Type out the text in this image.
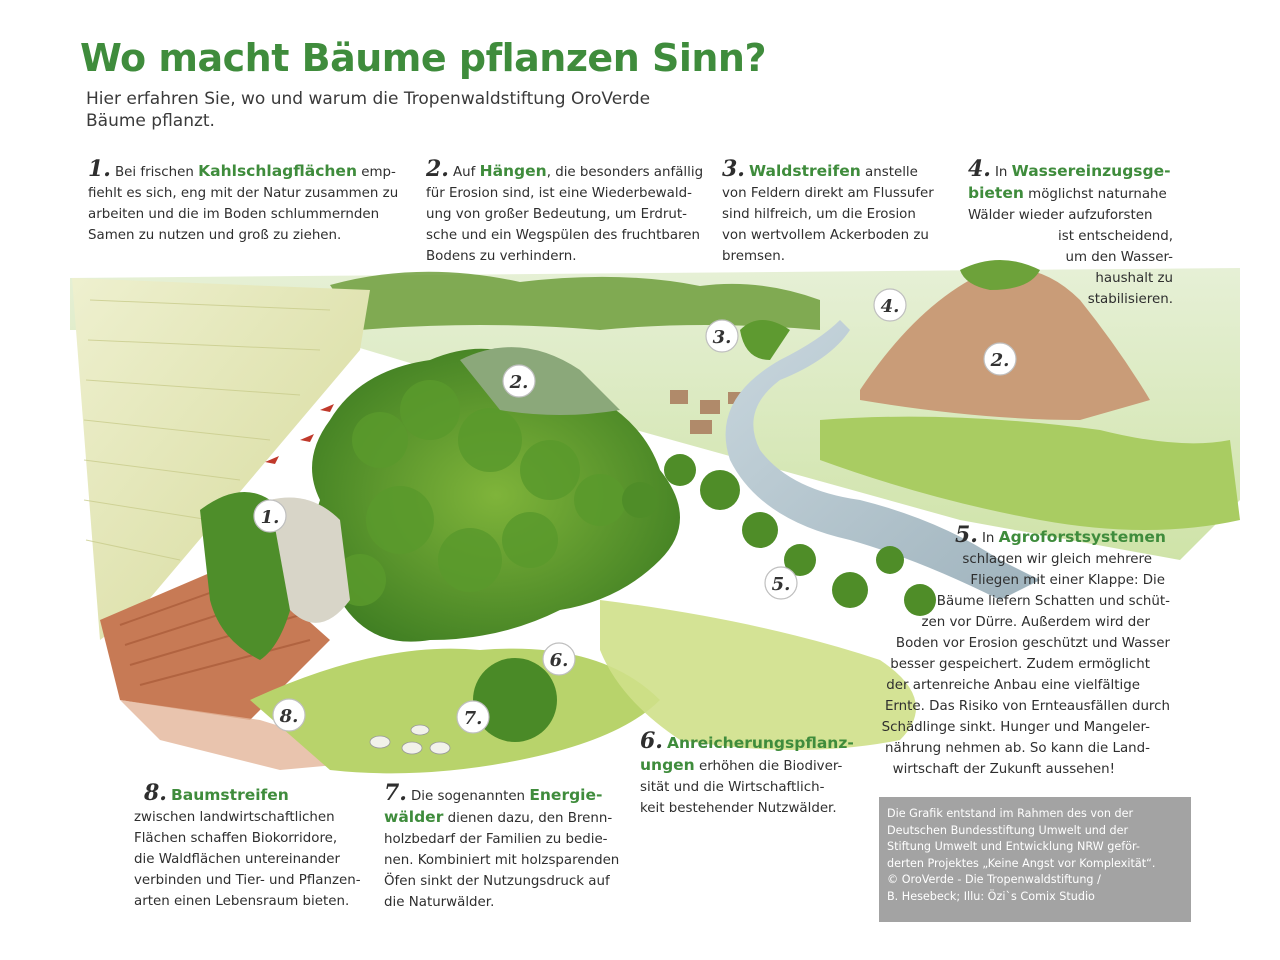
1.
2.
2.
3.
4.
5.
6.
7.
8.
Wo macht Bäume pflanzen Sinn?
Hier erfahren Sie, wo und warum die Tropenwaldstiftung OroVerde
Bäume pflanzt.
1. Bei frischen Kahlschlagflächen emp-
fiehlt es sich, eng mit der Natur zusammen zu
arbeiten und die im Boden schlummernden
Samen zu nutzen und groß zu ziehen.
2. Auf Hängen, die besonders anfällig
für Erosion sind, ist eine Wiederbewald-
ung von großer Bedeutung, um Erdrut-
sche und ein Wegspülen des fruchtbaren
Bodens zu verhindern.
3. Waldstreifen anstelle
von Feldern direkt am Flussufer
sind hilfreich, um die Erosion
von wertvollem Ackerboden zu
bremsen.
4. In Wassereinzugsge-
bieten möglichst naturnahe
Wälder wieder aufzuforsten
ist entscheidend,
um den Wasser-
haushalt zu
stabilisieren.
5. In Agroforstsystemen
schlagen wir gleich mehrere
Fliegen mit einer Klappe: Die
Bäume liefern Schatten und schüt-
zen vor Dürre. Außerdem wird der
Boden vor Erosion geschützt und Wasser
besser gespeichert. Zudem ermöglicht
der artenreiche Anbau eine vielfältige
Ernte. Das Risiko von Ernteausfällen durch
Schädlinge sinkt. Hunger und Mangeler-
nährung nehmen ab. So kann die Land-
wirtschaft der Zukunft aussehen!
6. Anreicherungspflanz-
ungen erhöhen die Biodiver-
sität und die Wirtschaftlich-
keit bestehender Nutzwälder.
7. Die sogenannten Energie-
wälder dienen dazu, den Brenn-
holzbedarf der Familien zu bedie-
nen. Kombiniert mit holzsparenden
Öfen sinkt der Nutzungsdruck auf
die Naturwälder.
8. Baumstreifen
zwischen landwirtschaftlichen
Flächen schaffen Biokorridore,
die Waldflächen untereinander
verbinden und Tier- und Pflanzen-
arten einen Lebensraum bieten.
Die Grafik entstand im Rahmen des von der
Deutschen Bundesstiftung Umwelt und der
Stiftung Umwelt und Entwicklung NRW geför-
derten Projektes „Keine Angst vor Komplexität“.
© OroVerde - Die Tropenwaldstiftung /
B. Hesebeck; Illu: Özi`s Comix Studio
